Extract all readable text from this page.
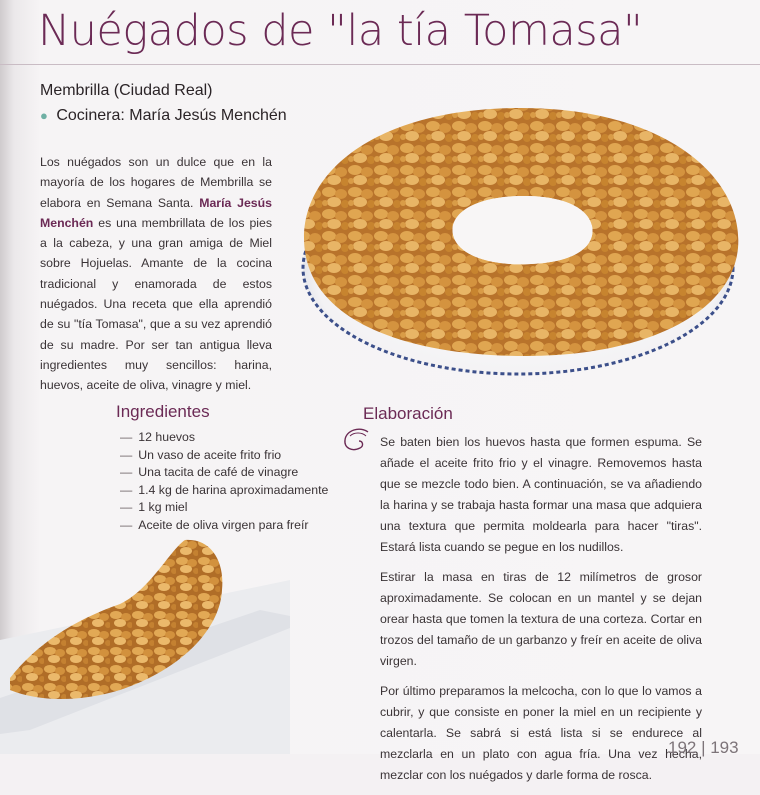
Nuégados de "la tía Tomasa"
Membrilla (Ciudad Real)
● Cocinera: María Jesús Menchén
Los nuégados son un dulce que en la mayoría de los hogares de Membrilla se elabora en Semana Santa. María Jesús Menchén es una membrillata de los pies a la cabeza, y una gran amiga de Miel sobre Hojuelas. Amante de la cocina tradicional y enamorada de estos nuégados. Una receta que ella aprendió de su "tía Tomasa", que a su vez aprendió de su madre. Por ser tan antigua lleva ingredientes muy sencillos: harina, huevos, aceite de oliva, vinagre y miel.
Ingredientes
— 12 huevos
— Un vaso de aceite frito frio
— Una tacita de café de vinagre
— 1.4 kg de harina aproximadamente
— 1 kg miel
— Aceite de oliva virgen para freír
Elaboración

Se baten bien los huevos hasta que formen espuma. Se añade el aceite frito frio y el vinagre. Removemos hasta que se mezcle todo bien. A continuación, se va añadiendo la harina y se trabaja hasta formar una masa que adquiera una textura que permita moldearla para hacer "tiras". Estará lista cuando se pegue en los nudillos.

Estirar la masa en tiras de 12 milímetros de grosor aproximadamente. Se colocan en un mantel y se dejan orear hasta que tomen la textura de una corteza. Cortar en trozos del tamaño de un garbanzo y freír en aceite de oliva virgen.

Por último preparamos la melcocha, con lo que lo vamos a cubrir, y que consiste en poner la miel en un recipiente y calentarla. Se sabrá si está lista si se endurece al mezclarla en un plato con agua fría. Una vez hecha, mezclar con los nuégados y darle forma de rosca.

192 | 193
